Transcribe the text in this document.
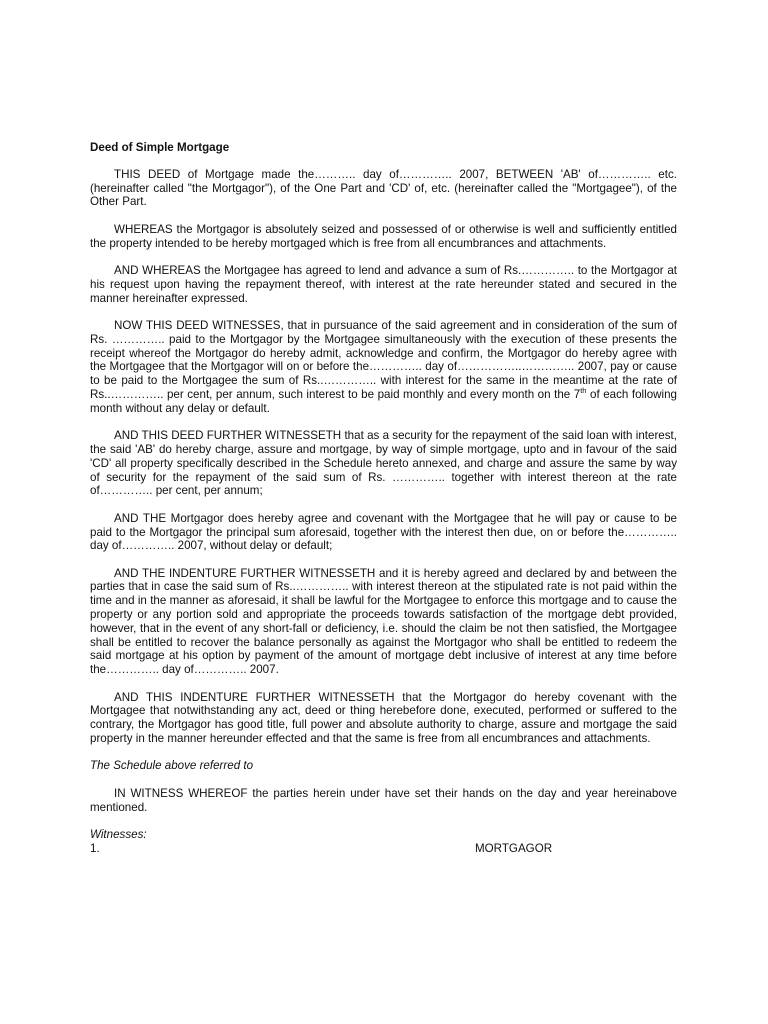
Deed of Simple Mortgage

THIS DEED of Mortgage made the……….. day of………….. 2007, BETWEEN 'AB' of………….. etc. (hereinafter called "the Mortgagor"), of the One Part and 'CD' of, etc. (hereinafter called the "Mortgagee"), of the Other Part.

WHEREAS the Mortgagor is absolutely seized and possessed of or otherwise is well and sufficiently entitled the property intended to be hereby mortgaged which is free from all encumbrances and attachments.

AND WHEREAS the Mortgagee has agreed to lend and advance a sum of Rs.………….. to the Mortgagor at his request upon having the repayment thereof, with interest at the rate hereunder stated and secured in the manner hereinafter expressed.

NOW THIS DEED WITNESSES, that in pursuance of the said agreement and in consideration of the sum of Rs. ………….. paid to the Mortgagor by the Mortgagee simultaneously with the execution of these presents the receipt whereof the Mortgagor do hereby admit, acknowledge and confirm, the Mortgagor do hereby agree with the Mortgagee that the Mortgagor will on or before the………….. day of……………..………….. 2007, pay or cause to be paid to the Mortgagee the sum of Rs..………….. with interest for the same in the meantime at the rate of Rs..………….. per cent, per annum, such interest to be paid monthly and every month on the 7th of each following month without any delay or default.

AND THIS DEED FURTHER WITNESSETH that as a security for the repayment of the said loan with interest, the said 'AB' do hereby charge, assure and mortgage, by way of simple mortgage, upto and in favour of the said 'CD' all property specifically described in the Schedule hereto annexed, and charge and assure the same by way of security for the repayment of the said sum of Rs. ………….. together with interest thereon at the rate of………….. per cent, per annum;

AND THE Mortgagor does hereby agree and covenant with the Mortgagee that he will pay or cause to be paid to the Mortgagor the principal sum aforesaid, together with the interest then due, on or before the………….. day of………….. 2007, without delay or default;

AND THE INDENTURE FURTHER WITNESSETH and it is hereby agreed and declared by and between the parties that in case the said sum of Rs..………….. with interest thereon at the stipulated rate is not paid within the time and in the manner as aforesaid, it shall be lawful for the Mortgagee to enforce this mortgage and to cause the property or any portion sold and appropriate the proceeds towards satisfaction of the mortgage debt provided, however, that in the event of any short-fall or deficiency, i.e. should the claim be not then satisfied, the Mortgagee shall be entitled to recover the balance personally as against the Mortgagor who shall be entitled to redeem the said mortgage at his option by payment of the amount of mortgage debt inclusive of interest at any time before the………….. day of………….. 2007.

AND THIS INDENTURE FURTHER WITNESSETH that the Mortgagor do hereby covenant with the Mortgagee that notwithstanding any act, deed or thing herebefore done, executed, performed or suffered to the contrary, the Mortgagor has good title, full power and absolute authority to charge, assure and mortgage the said property in the manner hereunder effected and that the same is free from all encumbrances and attachments.

The Schedule above referred to

IN WITNESS WHEREOF the parties herein under have set their hands on the day and year hereinabove mentioned.

Witnesses:

1.	MORTGAGOR
